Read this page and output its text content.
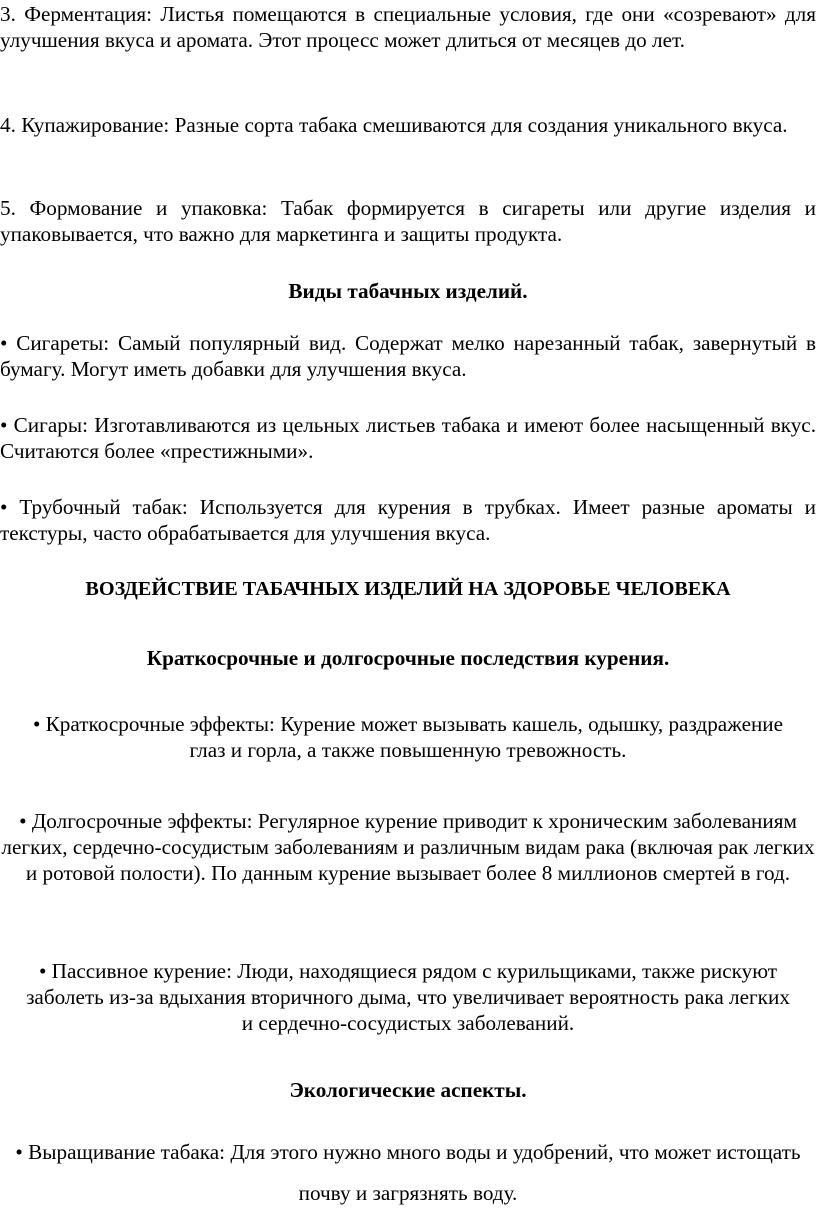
3. Ферментация: Листья помещаются в специальные условия, где они «созревают» для улучшения вкуса и аромата. Этот процесс может длиться от месяцев до лет.

4. Купажирование: Разные сорта табака смешиваются для создания уникального вкуса.

5. Формование и упаковка: Табак формируется в сигареты или другие изделия и упаковывается, что важно для маркетинга и защиты продукта.

Виды табачных изделий.

• Сигареты: Самый популярный вид. Содержат мелко нарезанный табак, завернутый в бумагу. Могут иметь добавки для улучшения вкуса.

• Сигары: Изготавливаются из цельных листьев табака и имеют более насыщенный вкус. Считаются более «престижными».

• Трубочный табак: Используется для курения в трубках. Имеет разные ароматы и текстуры, часто обрабатывается для улучшения вкуса.

ВОЗДЕЙСТВИЕ ТАБАЧНЫХ ИЗДЕЛИЙ НА ЗДОРОВЬЕ ЧЕЛОВЕКА

Краткосрочные и долгосрочные последствия курения.

• Краткосрочные эффекты: Курение может вызывать кашель, одышку, раздражение глаз и горла, а также повышенную тревожность.

• Долгосрочные эффекты: Регулярное курение приводит к хроническим заболеваниям легких, сердечно-сосудистым заболеваниям и различным видам рака (включая рак легких и ротовой полости). По данным курение вызывает более 8 миллионов смертей в год.

• Пассивное курение: Люди, находящиеся рядом с курильщиками, также рискуют заболеть из-за вдыхания вторичного дыма, что увеличивает вероятность рака легких и сердечно-сосудистых заболеваний.

Экологические аспекты.

• Выращивание табака: Для этого нужно много воды и удобрений, что может истощать почву и загрязнять воду.
